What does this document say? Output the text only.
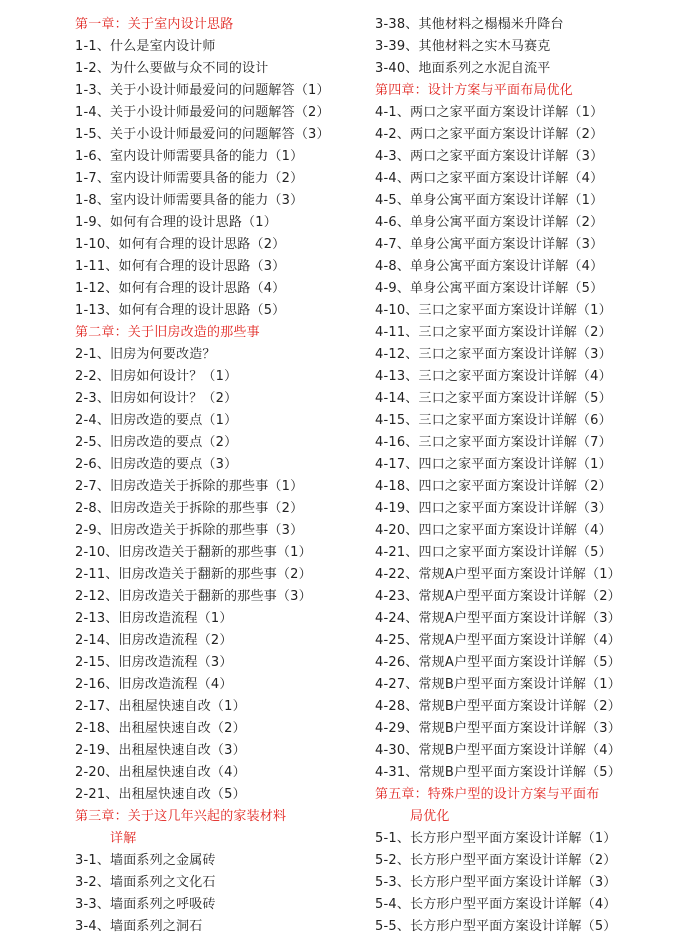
第一章：关于室内设计思路
1-1、什么是室内设计师
1-2、为什么要做与众不同的设计
1-3、关于小设计师最爱问的问题解答（1）
1-4、关于小设计师最爱问的问题解答（2）
1-5、关于小设计师最爱问的问题解答（3）
1-6、室内设计师需要具备的能力（1）
1-7、室内设计师需要具备的能力（2）
1-8、室内设计师需要具备的能力（3）
1-9、如何有合理的设计思路（1）
1-10、如何有合理的设计思路（2）
1-11、如何有合理的设计思路（3）
1-12、如何有合理的设计思路（4）
1-13、如何有合理的设计思路（5）
第二章：关于旧房改造的那些事
2-1、旧房为何要改造？
2-2、旧房如何设计？（1）
2-3、旧房如何设计？（2）
2-4、旧房改造的要点（1）
2-5、旧房改造的要点（2）
2-6、旧房改造的要点（3）
2-7、旧房改造关于拆除的那些事（1）
2-8、旧房改造关于拆除的那些事（2）
2-9、旧房改造关于拆除的那些事（3）
2-10、旧房改造关于翻新的那些事（1）
2-11、旧房改造关于翻新的那些事（2）
2-12、旧房改造关于翻新的那些事（3）
2-13、旧房改造流程（1）
2-14、旧房改造流程（2）
2-15、旧房改造流程（3）
2-16、旧房改造流程（4）
2-17、出租屋快速自改（1）
2-18、出租屋快速自改（2）
2-19、出租屋快速自改（3）
2-20、出租屋快速自改（4）
2-21、出租屋快速自改（5）
第三章：关于这几年兴起的家装材料
详解
3-1、墙面系列之金属砖
3-2、墙面系列之文化石
3-3、墙面系列之呼吸砖
3-4、墙面系列之洞石
3-38、其他材料之榻榻米升降台
3-39、其他材料之实木马赛克
3-40、地面系列之水泥自流平
第四章：设计方案与平面布局优化
4-1、两口之家平面方案设计详解（1）
4-2、两口之家平面方案设计详解（2）
4-3、两口之家平面方案设计详解（3）
4-4、两口之家平面方案设计详解（4）
4-5、单身公寓平面方案设计详解（1）
4-6、单身公寓平面方案设计详解（2）
4-7、单身公寓平面方案设计详解（3）
4-8、单身公寓平面方案设计详解（4）
4-9、单身公寓平面方案设计详解（5）
4-10、三口之家平面方案设计详解（1）
4-11、三口之家平面方案设计详解（2）
4-12、三口之家平面方案设计详解（3）
4-13、三口之家平面方案设计详解（4）
4-14、三口之家平面方案设计详解（5）
4-15、三口之家平面方案设计详解（6）
4-16、三口之家平面方案设计详解（7）
4-17、四口之家平面方案设计详解（1）
4-18、四口之家平面方案设计详解（2）
4-19、四口之家平面方案设计详解（3）
4-20、四口之家平面方案设计详解（4）
4-21、四口之家平面方案设计详解（5）
4-22、常规A户型平面方案设计详解（1）
4-23、常规A户型平面方案设计详解（2）
4-24、常规A户型平面方案设计详解（3）
4-25、常规A户型平面方案设计详解（4）
4-26、常规A户型平面方案设计详解（5）
4-27、常规B户型平面方案设计详解（1）
4-28、常规B户型平面方案设计详解（2）
4-29、常规B户型平面方案设计详解（3）
4-30、常规B户型平面方案设计详解（4）
4-31、常规B户型平面方案设计详解（5）
第五章：特殊户型的设计方案与平面布
局优化
5-1、长方形户型平面方案设计详解（1）
5-2、长方形户型平面方案设计详解（2）
5-3、长方形户型平面方案设计详解（3）
5-4、长方形户型平面方案设计详解（4）
5-5、长方形户型平面方案设计详解（5）
